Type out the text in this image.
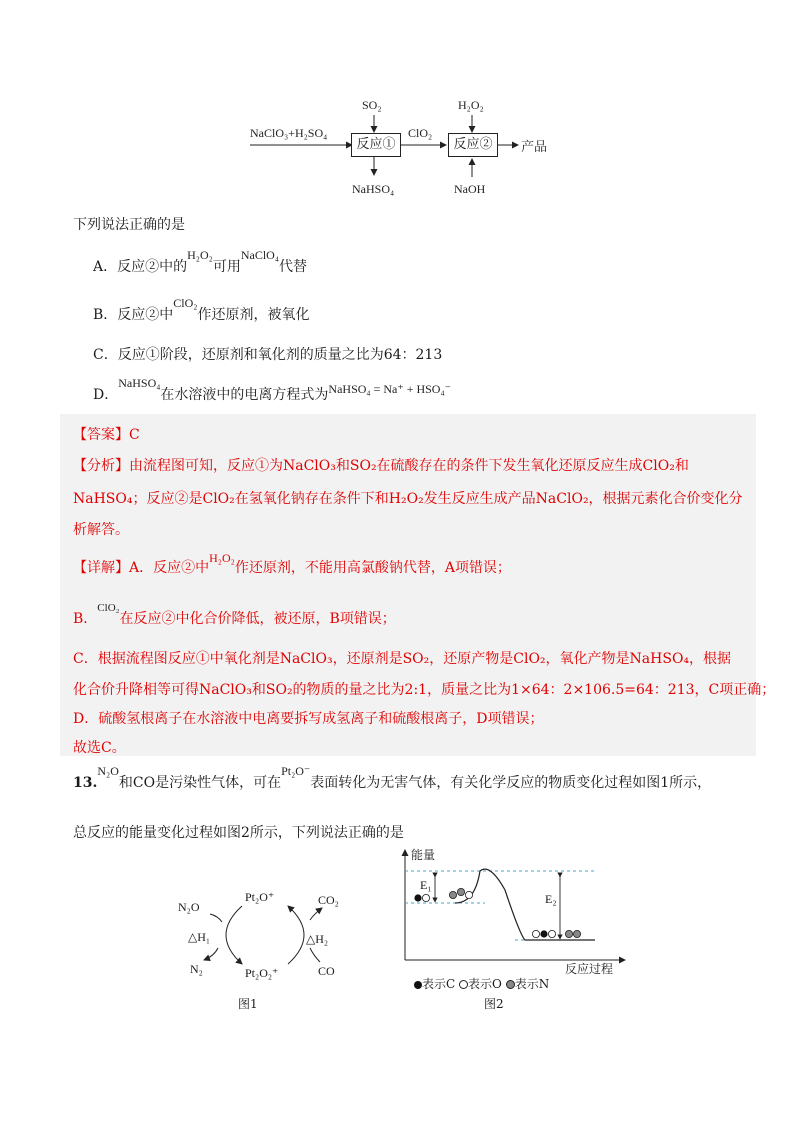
NaClO₃+H₂SO₄
SO₂
反应①
ClO₂
反应②	产品
H₂O₂
NaHSO₄	NaOH
下列说法正确的是
A．反应②中的H₂O₂可用NaClO₄代替
B．反应②中ClO₂作还原剂，被氧化
C．反应①阶段，还原剂和氧化剂的质量之比为64：213
D．NaHSO₄在水溶液中的电离方程式为NaHSO₄ = Na⁺ + HSO₄⁻
【答案】C
【分析】由流程图可知，反应①为NaClO₃和SO₂在硫酸存在的条件下发生氧化还原反应生成ClO₂和
NaHSO₄；反应②是ClO₂在氢氧化钠存在条件下和H₂O₂发生反应生成产品NaClO₂，根据元素化合价变化分
析解答。
【详解】A．反应②中H₂O₂作还原剂，不能用高氯酸钠代替，A项错误；
B．$^{ClO_2}$在反应②中化合价降低，被还原，B项错误；
C．根据流程图反应①中氧化剂是NaClO₃，还原剂是SO₂，还原产物是ClO₂，氧化产物是NaHSO₄，根据
化合价升降相等可得NaClO₃和SO₂的物质的量之比为2:1，质量之比为1×64：2×106.5=64：213，C项正确；
D．硫酸氢根离子在水溶液中电离要拆写成氢离子和硫酸根离子，D项错误；
故选C。
13.N₂O和CO是污染性气体，可在Pt₂O⁻表面转化为无害气体，有关化学反应的物质变化过程如图1所示，
总反应的能量变化过程如图2所示，下列说法正确的是
N₂O
Pt₂O⁺	CO₂
△H₁	△H₂
N₂	Pt₂O₂⁺	CO
图1
能量
E₁
E₂
反应过程
表示C 表示O 表示N
图2
